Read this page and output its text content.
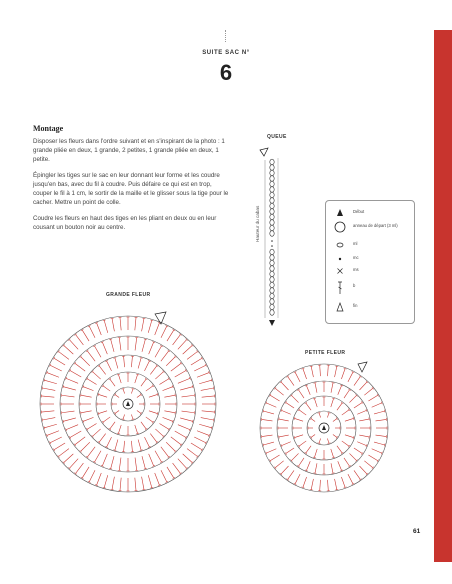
SUITE SAC N°
6
Montage

Disposer les fleurs dans l'ordre suivant et en s'inspirant de la photo : 1 grande pliée en deux, 1 grande, 2 petites, 1 grande pliée en deux, 1 petite.

Épingler les tiges sur le sac en leur donnant leur forme et les coudre jusqu'en bas, avec du fil à coudre. Puis défaire ce qui est en trop, couper le fil à 1 cm, le sortir de la maille et le glisser sous la tige pour le cacher. Mettre un point de colle.

Coudre les fleurs en haut des tiges en les pliant en deux ou en leur cousant un bouton noir au centre.

QUEUE
Hauteur du cabas	Début
anneau de départ (3 ml)
ml
mc
ms
b
fin
GRANDE FLEUR
PETITE FLEUR
61
